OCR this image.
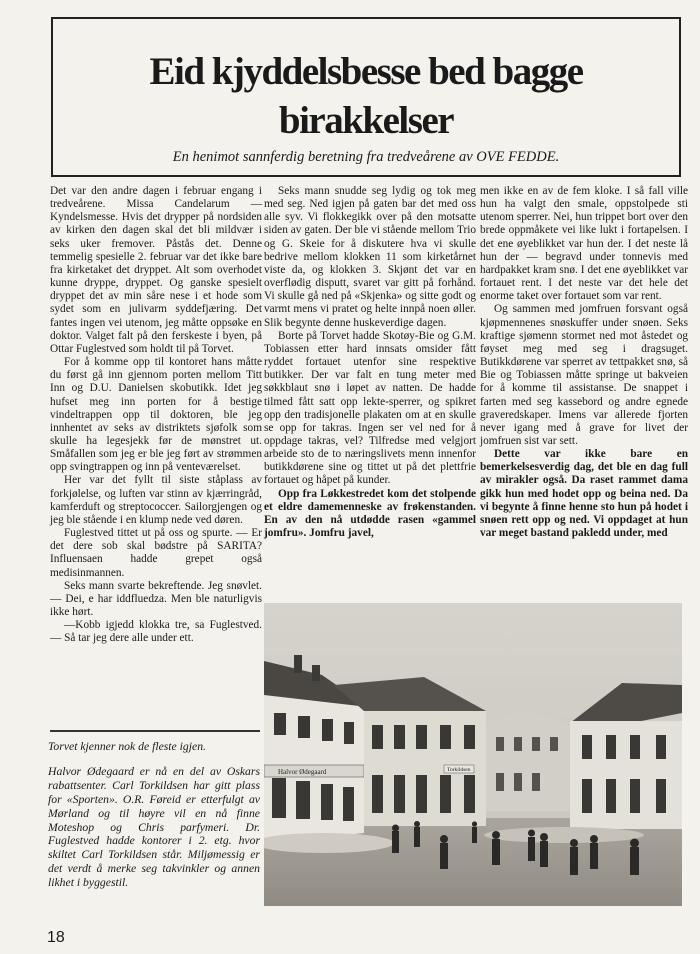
Eid kjyddelsbesse bed bagge
birakkelser
En henimot sannferdig beretning fra tredveårene av OVE FEDDE.

Det var den andre dagen i februar engang i tredveårene. Missa Candelarum — Kyndelsmesse. Hvis det drypper på nordsiden av kirken den dagen skal det bli mildvær i seks uker fremover. Påstås det. Denne temmelig spesielle 2. februar var det ikke bare fra kirketaket det dryppet. Alt som overhodet kunne dryppe, dryppet. Og ganske spesielt dryppet det av min såre nese i et hode som sydet som en julivarm syddefjæring. Det fantes ingen vei utenom, jeg måtte oppsøke en doktor. Valget falt på den ferskeste i byen, på Ottar Fuglestved som holdt til på Torvet.

For å komme opp til kontoret hans måtte du først gå inn gjennom porten mellom Titt Inn og D.U. Danielsen skobutikk. Idet jeg hufset meg inn porten for å bestige vindeltrappen opp til doktoren, ble jeg innhentet av seks av distriktets sjøfolk som skulle ha legesjekk før de mønstret ut. Småfallen som jeg er ble jeg ført av strømmen opp svingtrappen og inn på venteværelset.

Her var det fyllt til siste ståplass av forkjølelse, og luften var stinn av kjærringråd, kamferduft og streptococcer. Sailorgjengen og jeg ble stående i en klump nede ved døren.

Fuglestved tittet ut på oss og spurte. — Er det dere sob skal bødstre på SARITA? Influensaen hadde grepet også medisinmannen.

Seks mann svarte bekreftende. Jeg snøvlet. — Dei, e har iddfluedza. Men ble naturligvis ikke hørt.

—Kobb igjedd klokka tre, sa Fuglestved. — Så tar jeg dere alle under ett.

Seks mann snudde seg lydig og tok meg med seg. Ned igjen på gaten bar det med oss alle syv. Vi flokkegikk over på den motsatte siden av gaten. Der ble vi stående mellom Trio og G. Skeie for å diskutere hva vi skulle bedrive mellom klokken 11 som kirketårnet viste da, og klokken 3. Skjønt det var en overflødig disputt, svaret var gitt på forhånd. Vi skulle gå ned på «Skjenka» og sitte godt og varmt mens vi pratet og helte innpå noen øller. Slik begynte denne huskeverdige dagen.

Borte på Torvet hadde Skotøy-Bie og G.M. Tobiassen etter hard innsats omsider fått ryddet fortauet utenfor sine respektive butikker. Der var falt en tung meter med søkkblaut snø i løpet av natten. De hadde tilmed fått satt opp lekte-sperrer, og spikret opp den tradisjonelle plakaten om at en skulle se opp for takras. Ingen ser vel ned for å oppdage takras, vel? Tilfredse med velgjort arbeide sto de to næringslivets menn innenfor butikkdørene sine og tittet ut på det plettfrie fortauet og håpet på kunder.

Opp fra Løkkestredet kom det stolpende et eldre damemenneske av frøkenstanden. En av den nå utdødde rasen «gammel jomfru». Jomfru javel,

men ikke en av de fem kloke. I så fall ville hun ha valgt den smale, oppstolpede sti utenom sperrer. Nei, hun trippet bort over den brede oppmåkete vei like lukt i fortapelsen. I det ene øyeblikket var hun der. I det neste lå hun der — begravd under tonnevis med hardpakket kram snø. I det ene øyeblikket var fortauet rent. I det neste var det hele det enorme taket over fortauet som var rent.

Og sammen med jomfruen forsvant også kjøpmennenes snøskuffer under snøen. Seks kraftige sjømenn stormet ned mot åstedet og føyset meg med seg i dragsuget. Butikkdørene var sperret av tettpakket snø, så Bie og Tobiassen måtte springe ut bakveien for å komme til assistanse. De snappet i farten med seg kassebord og andre egnede graveredskaper. Imens var allerede fjorten never igang med å grave for livet der jomfruen sist var sett.

Dette var ikke bare en bemerkelsesverdig dag, det ble en dag full av mirakler også. Da raset rammet dama gikk hun med hodet opp og beina ned. Da vi begynte å finne henne sto hun på hodet i snøen rett opp og ned. Vi oppdaget at hun var meget bastand pakledd under, med

Torvet kjenner nok de fleste igjen.

Halvor Ødegaard er nå en del av Oskars rabattsenter. Carl Torkildsen har gitt plass for «Sporten». O.R. Føreid er etterfulgt av Mørland og til høyre vil en nå finne Moteshop og Chris parfymeri. Dr. Fuglestved hadde kontorer i 2. etg. hvor skiltet Carl Torkildsen står. Miljømessig er det verdt å merke seg takvinkler og annen likhet i byggestil.

Halvor Ødegaard	Torkildsen
18
